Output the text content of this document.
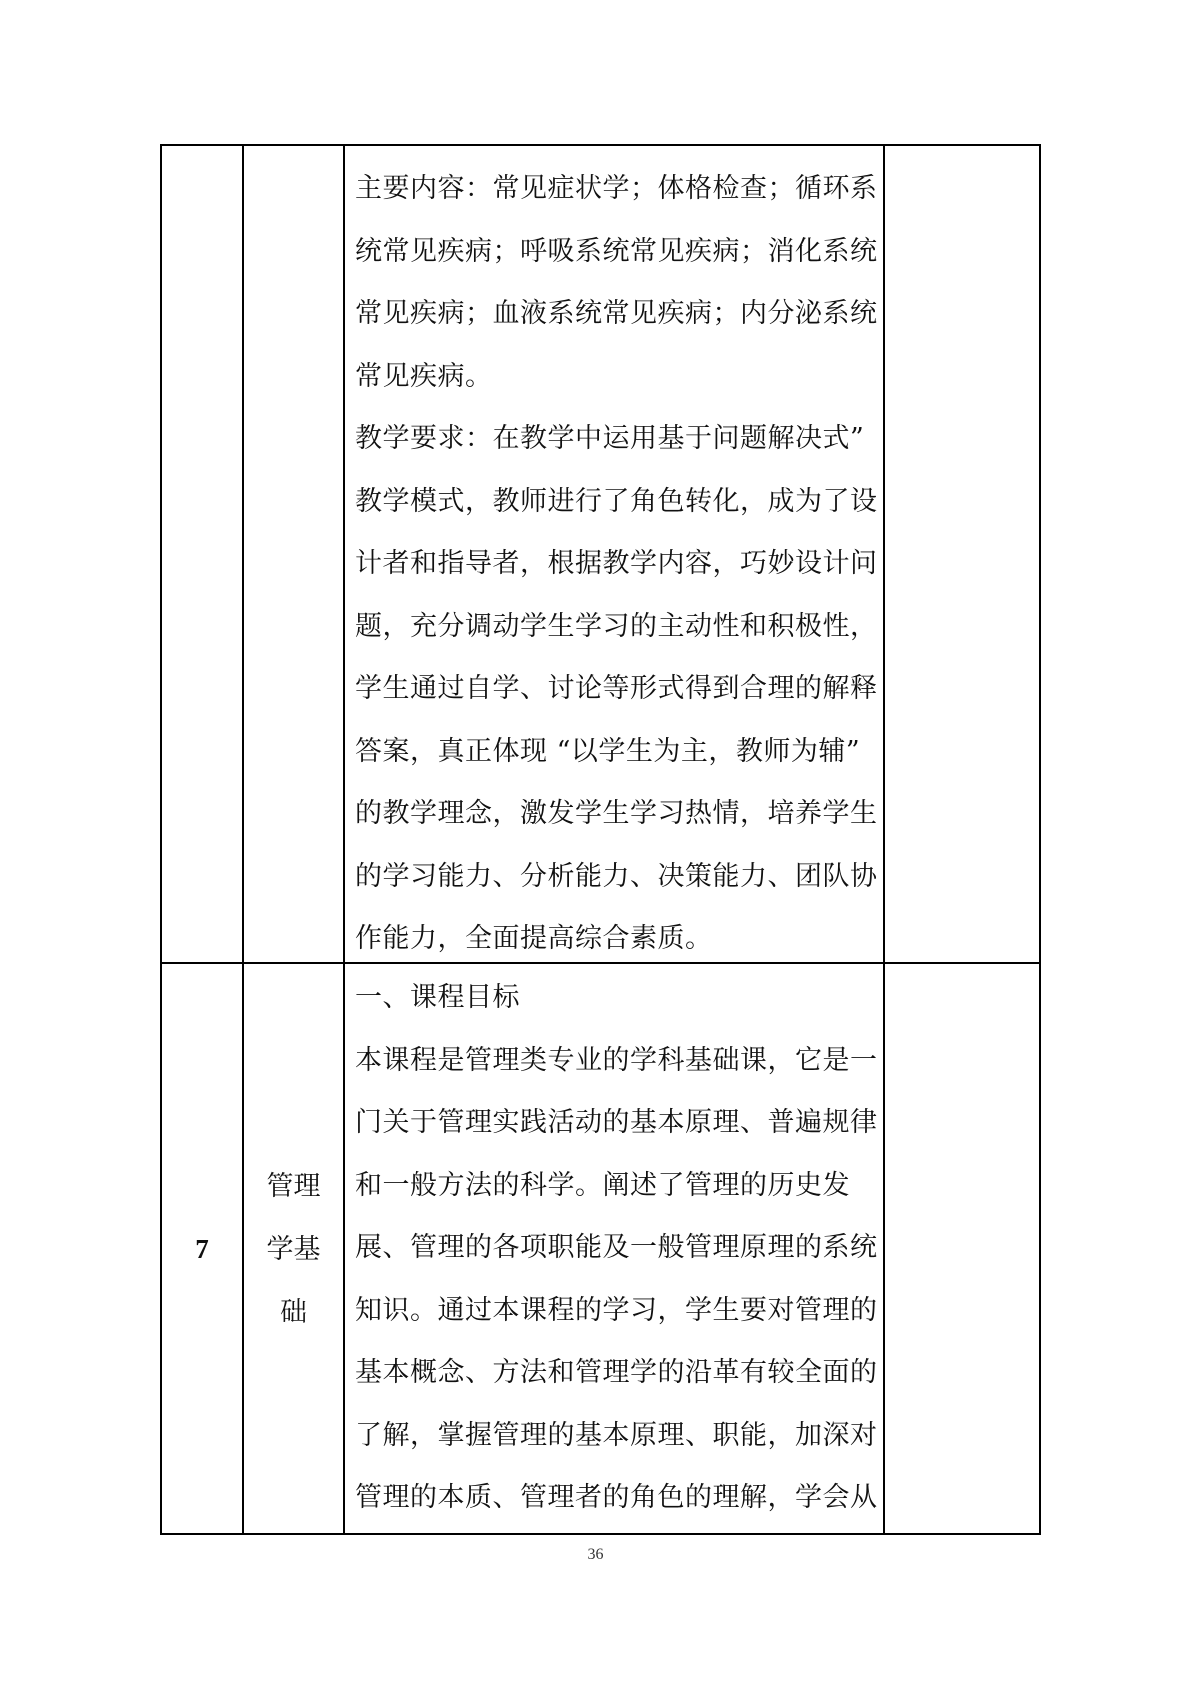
主要内容：常见症状学；体格检查；循环系
统常见疾病；呼吸系统常见疾病；消化系统
常见疾病；血液系统常见疾病；内分泌系统
常见疾病。
教学要求：在教学中运用基于问题解决式”
教学模式，教师进行了角色转化，成为了设
计者和指导者，根据教学内容，巧妙设计问
题，充分调动学生学习的主动性和积极性，
学生通过自学、讨论等形式得到合理的解释
答案，真正体现 “以学生为主，教师为辅”
的教学理念，激发学生学习热情，培养学生
的学习能力、分析能力、决策能力、团队协
作能力，全面提高综合素质。
7
管理
学基
础
一、课程目标
本课程是管理类专业的学科基础课，它是一
门关于管理实践活动的基本原理、普遍规律
和一般方法的科学。阐述了管理的历史发
展、管理的各项职能及一般管理原理的系统
知识。通过本课程的学习，学生要对管理的
基本概念、方法和管理学的沿革有较全面的
了解，掌握管理的基本原理、职能，加深对
管理的本质、管理者的角色的理解，学会从
36
